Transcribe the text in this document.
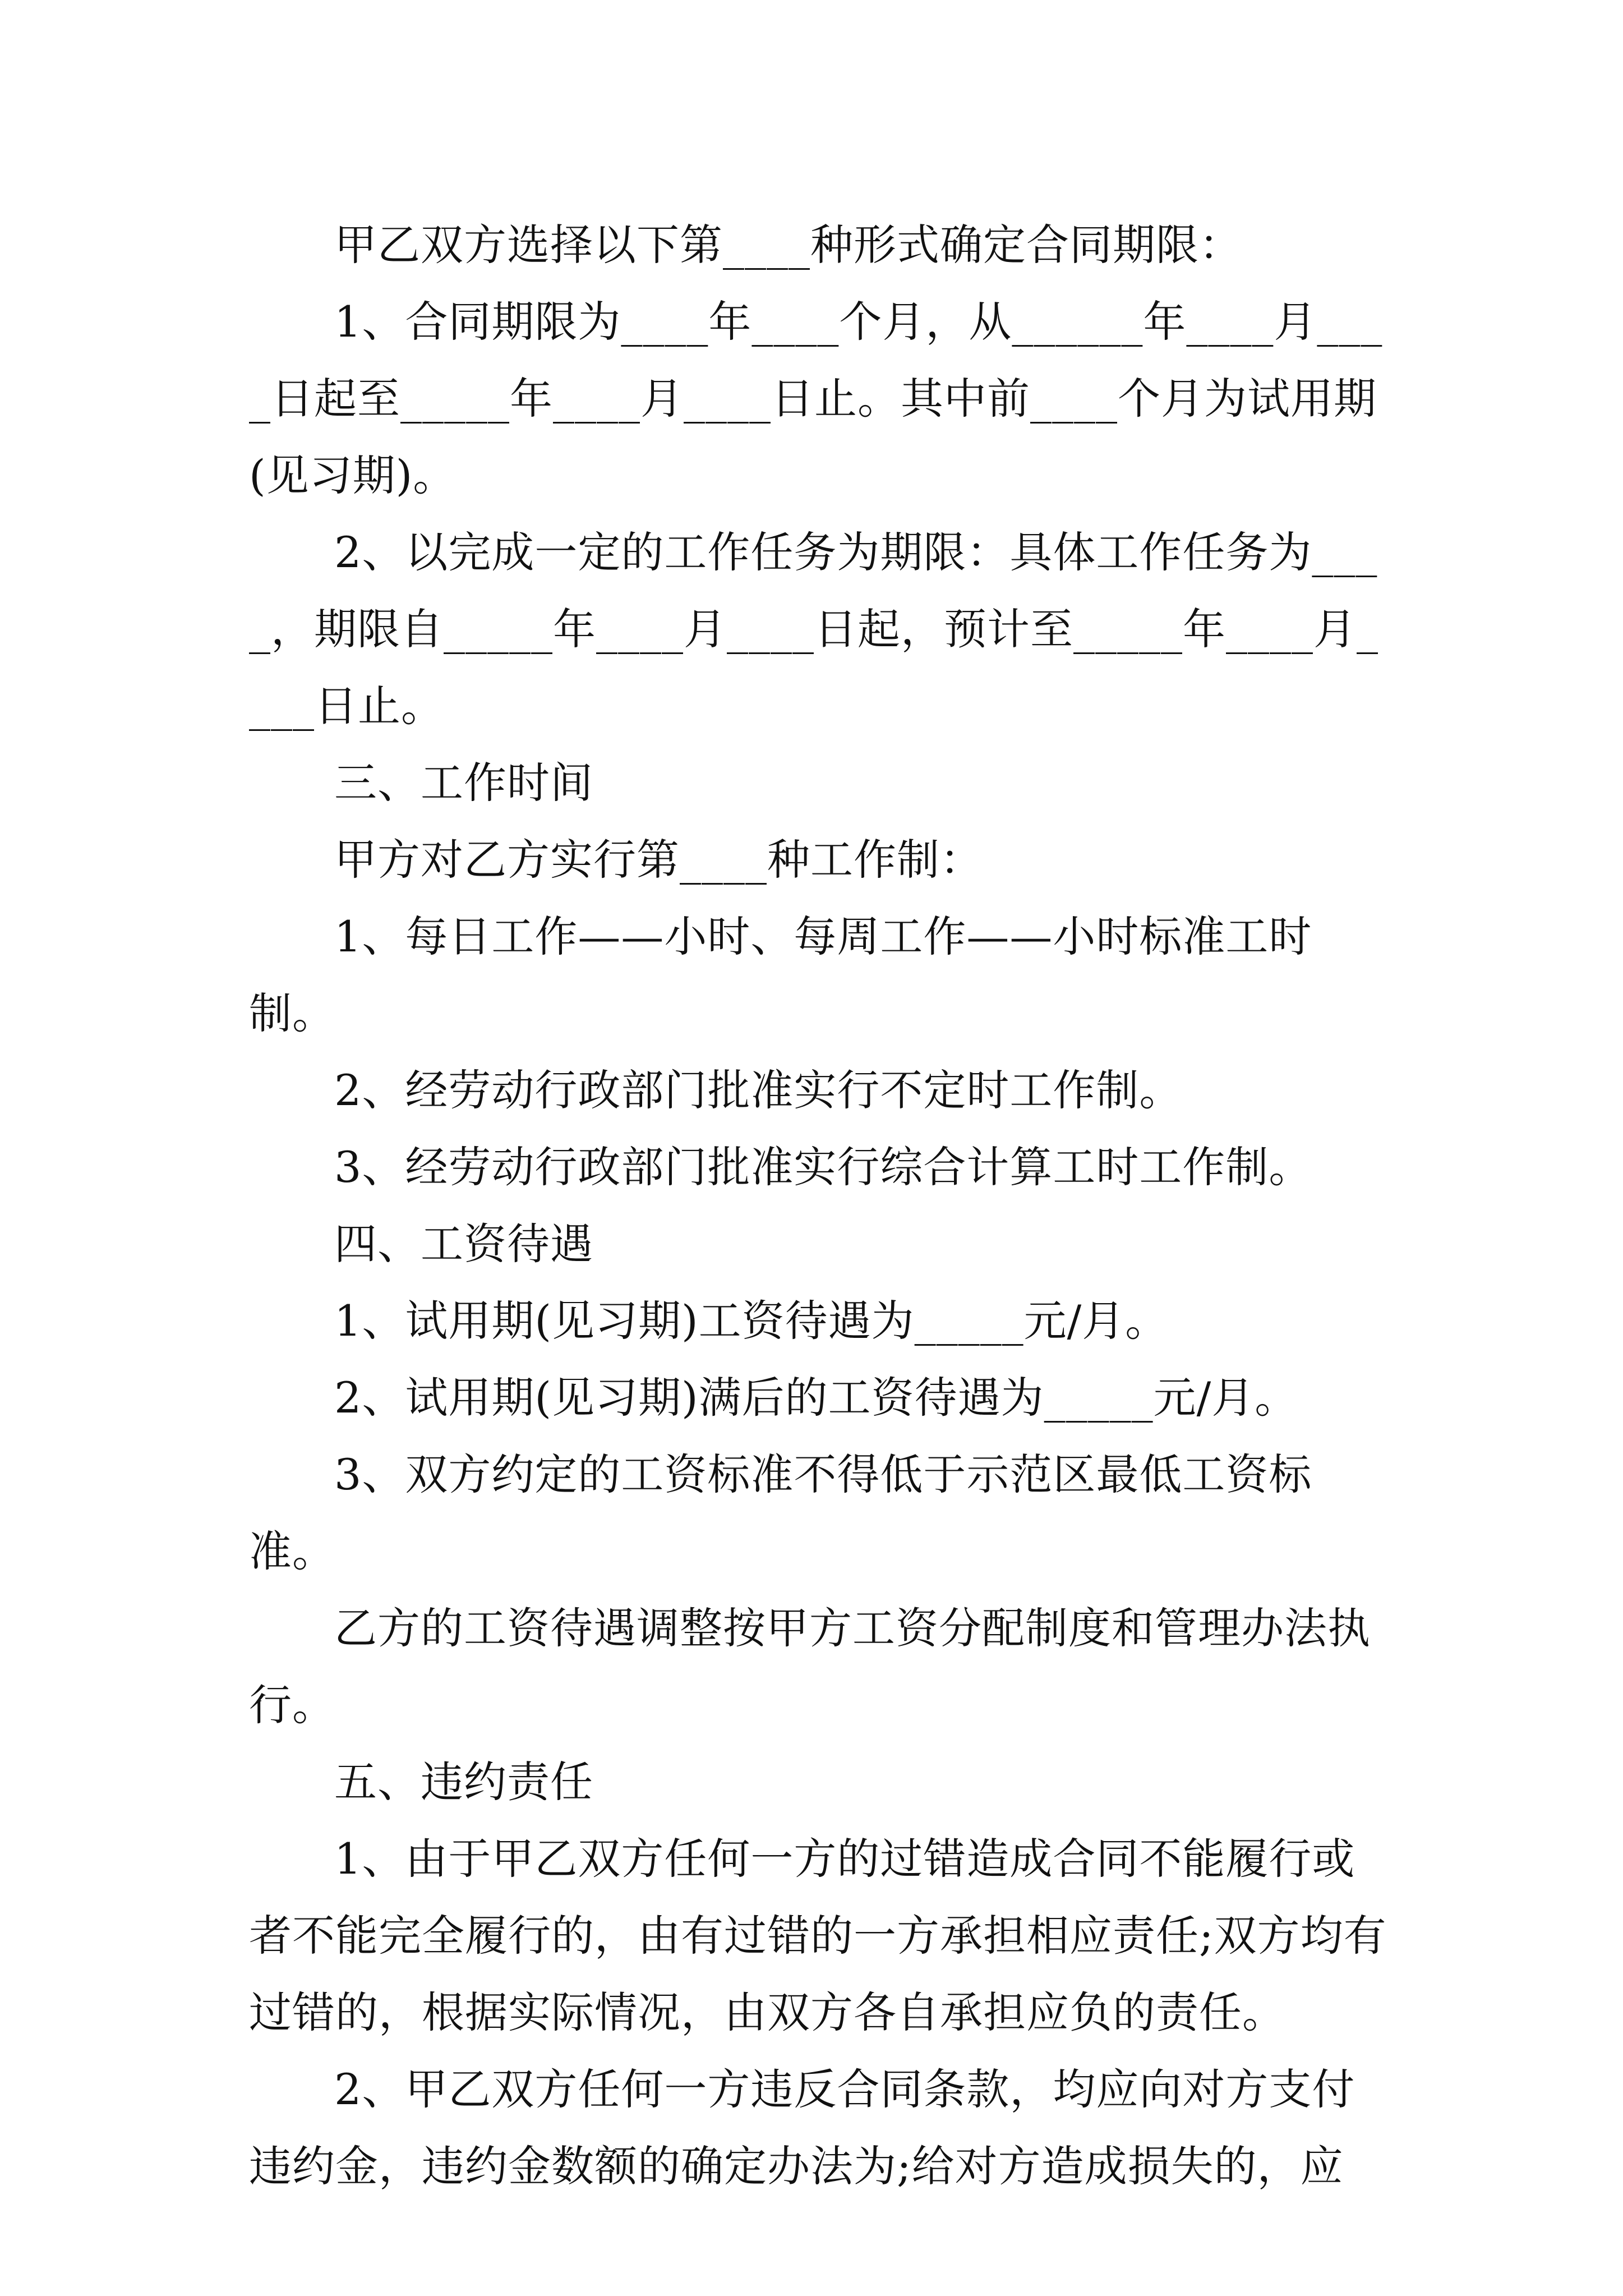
甲乙双方选择以下第____种形式确定合同期限：

1、合同期限为____年____个月，从______年____月____日起至_____年____月____日止。其中前____个月为试用期(见习期)。

2、以完成一定的工作任务为期限：具体工作任务为____，期限自_____年____月____日起，预计至_____年____月____日止。

三、工作时间

甲方对乙方实行第____种工作制：

1、每日工作——小时、每周工作——小时标准工时制。

2、经劳动行政部门批准实行不定时工作制。

3、经劳动行政部门批准实行综合计算工时工作制。

四、工资待遇

1、试用期(见习期)工资待遇为_____元/月。

2、试用期(见习期)满后的工资待遇为_____元/月。

3、双方约定的工资标准不得低于示范区最低工资标准。

乙方的工资待遇调整按甲方工资分配制度和管理办法执行。

五、违约责任

1、由于甲乙双方任何一方的过错造成合同不能履行或者不能完全履行的，由有过错的一方承担相应责任;双方均有过错的，根据实际情况，由双方各自承担应负的责任。

2、甲乙双方任何一方违反合同条款，均应向对方支付违约金，违约金数额的确定办法为;给对方造成损失的，应
